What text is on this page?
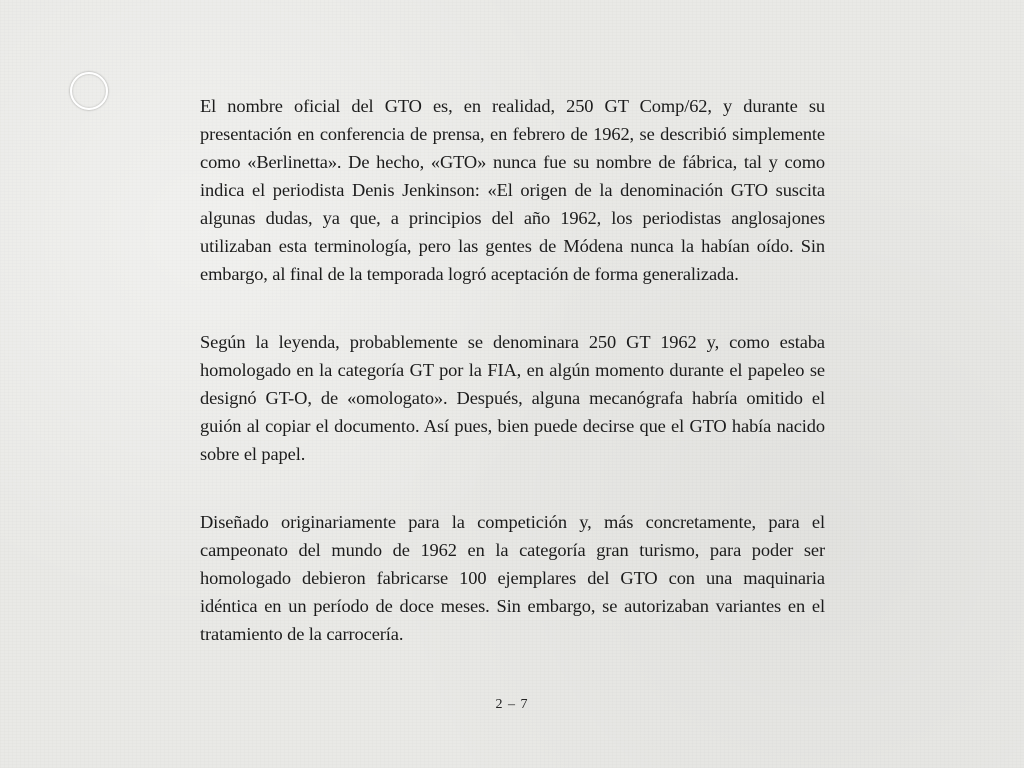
El nombre oficial del GTO es, en realidad, 250 GT Comp/62, y durante su presentación en conferencia de prensa, en febrero de 1962, se describió simplemente como «Berlinetta». De hecho, «GTO» nunca fue su nombre de fábrica, tal y como indica el periodista Denis Jenkinson: «El origen de la denominación GTO suscita algunas dudas, ya que, a principios del año 1962, los periodistas anglosajones utilizaban esta terminología, pero las gentes de Módena nunca la habían oído. Sin embargo, al final de la temporada logró aceptación de forma generalizada.

Según la leyenda, probablemente se denominara 250 GT 1962 y, como estaba homologado en la categoría GT por la FIA, en algún momento durante el papeleo se designó GT-O, de «omologato». Después, alguna mecanógrafa habría omitido el guión al copiar el documento. Así pues, bien puede decirse que el GTO había nacido sobre el papel.

Diseñado originariamente para la competición y, más concretamente, para el campeonato del mundo de 1962 en la categoría gran turismo, para poder ser homologado debieron fabricarse 100 ejemplares del GTO con una maquinaria idéntica en un período de doce meses. Sin embargo, se autorizaban variantes en el tratamiento de la carrocería.

2 – 7
